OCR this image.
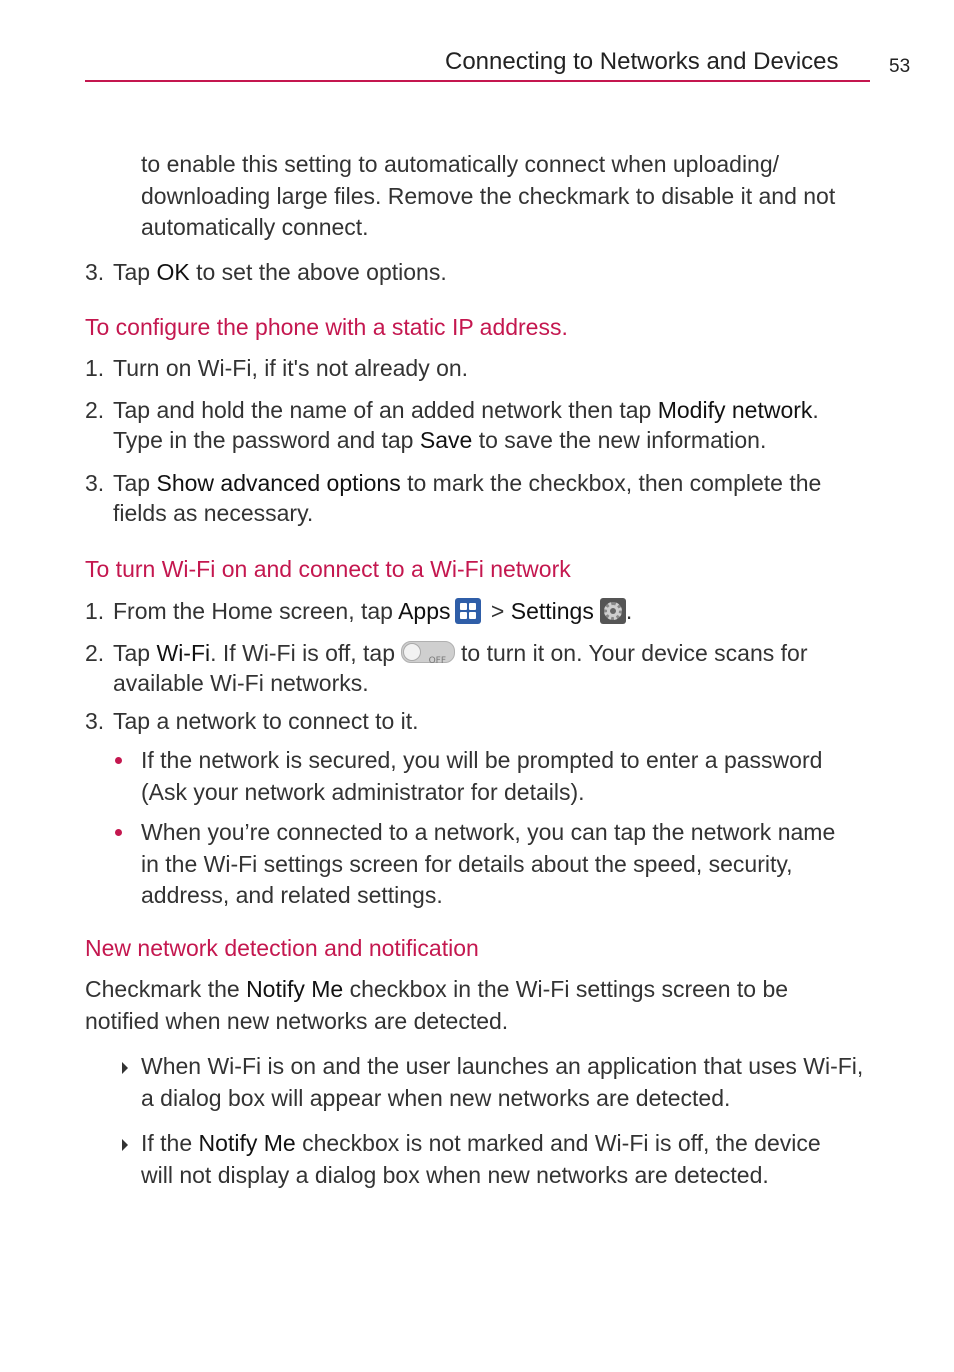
Connecting to Networks and Devices	53
to enable this setting to automatically connect when uploading/
downloading large files. Remove the checkmark to disable it and not
automatically connect.
3. Tap OK to set the above options.
To configure the phone with a static IP address.
1. Turn on Wi-Fi, if it's not already on.
2. Tap and hold the name of an added network then tap Modify network.
Type in the password and tap Save to save the new information.
3. Tap Show advanced options to mark the checkbox, then complete the
fields as necessary.
To turn Wi-Fi on and connect to a Wi-Fi network
1. From the Home screen, tap Apps
> Settings .
2. Tap Wi-Fi. If Wi-Fi is off, tap	OFF to turn it on. Your device scans for
available Wi-Fi networks.
3. Tap a network to connect to it.
If the network is secured, you will be prompted to enter a password
(Ask your network administrator for details).
When you’re connected to a network, you can tap the network name
in the Wi-Fi settings screen for details about the speed, security,
address, and related settings.
New network detection and notification
Checkmark the Notify Me checkbox in the Wi-Fi settings screen to be
notified when new networks are detected.
When Wi-Fi is on and the user launches an application that uses Wi-Fi,
a dialog box will appear when new networks are detected.
If the Notify Me checkbox is not marked and Wi-Fi is off, the device
will not display a dialog box when new networks are detected.
